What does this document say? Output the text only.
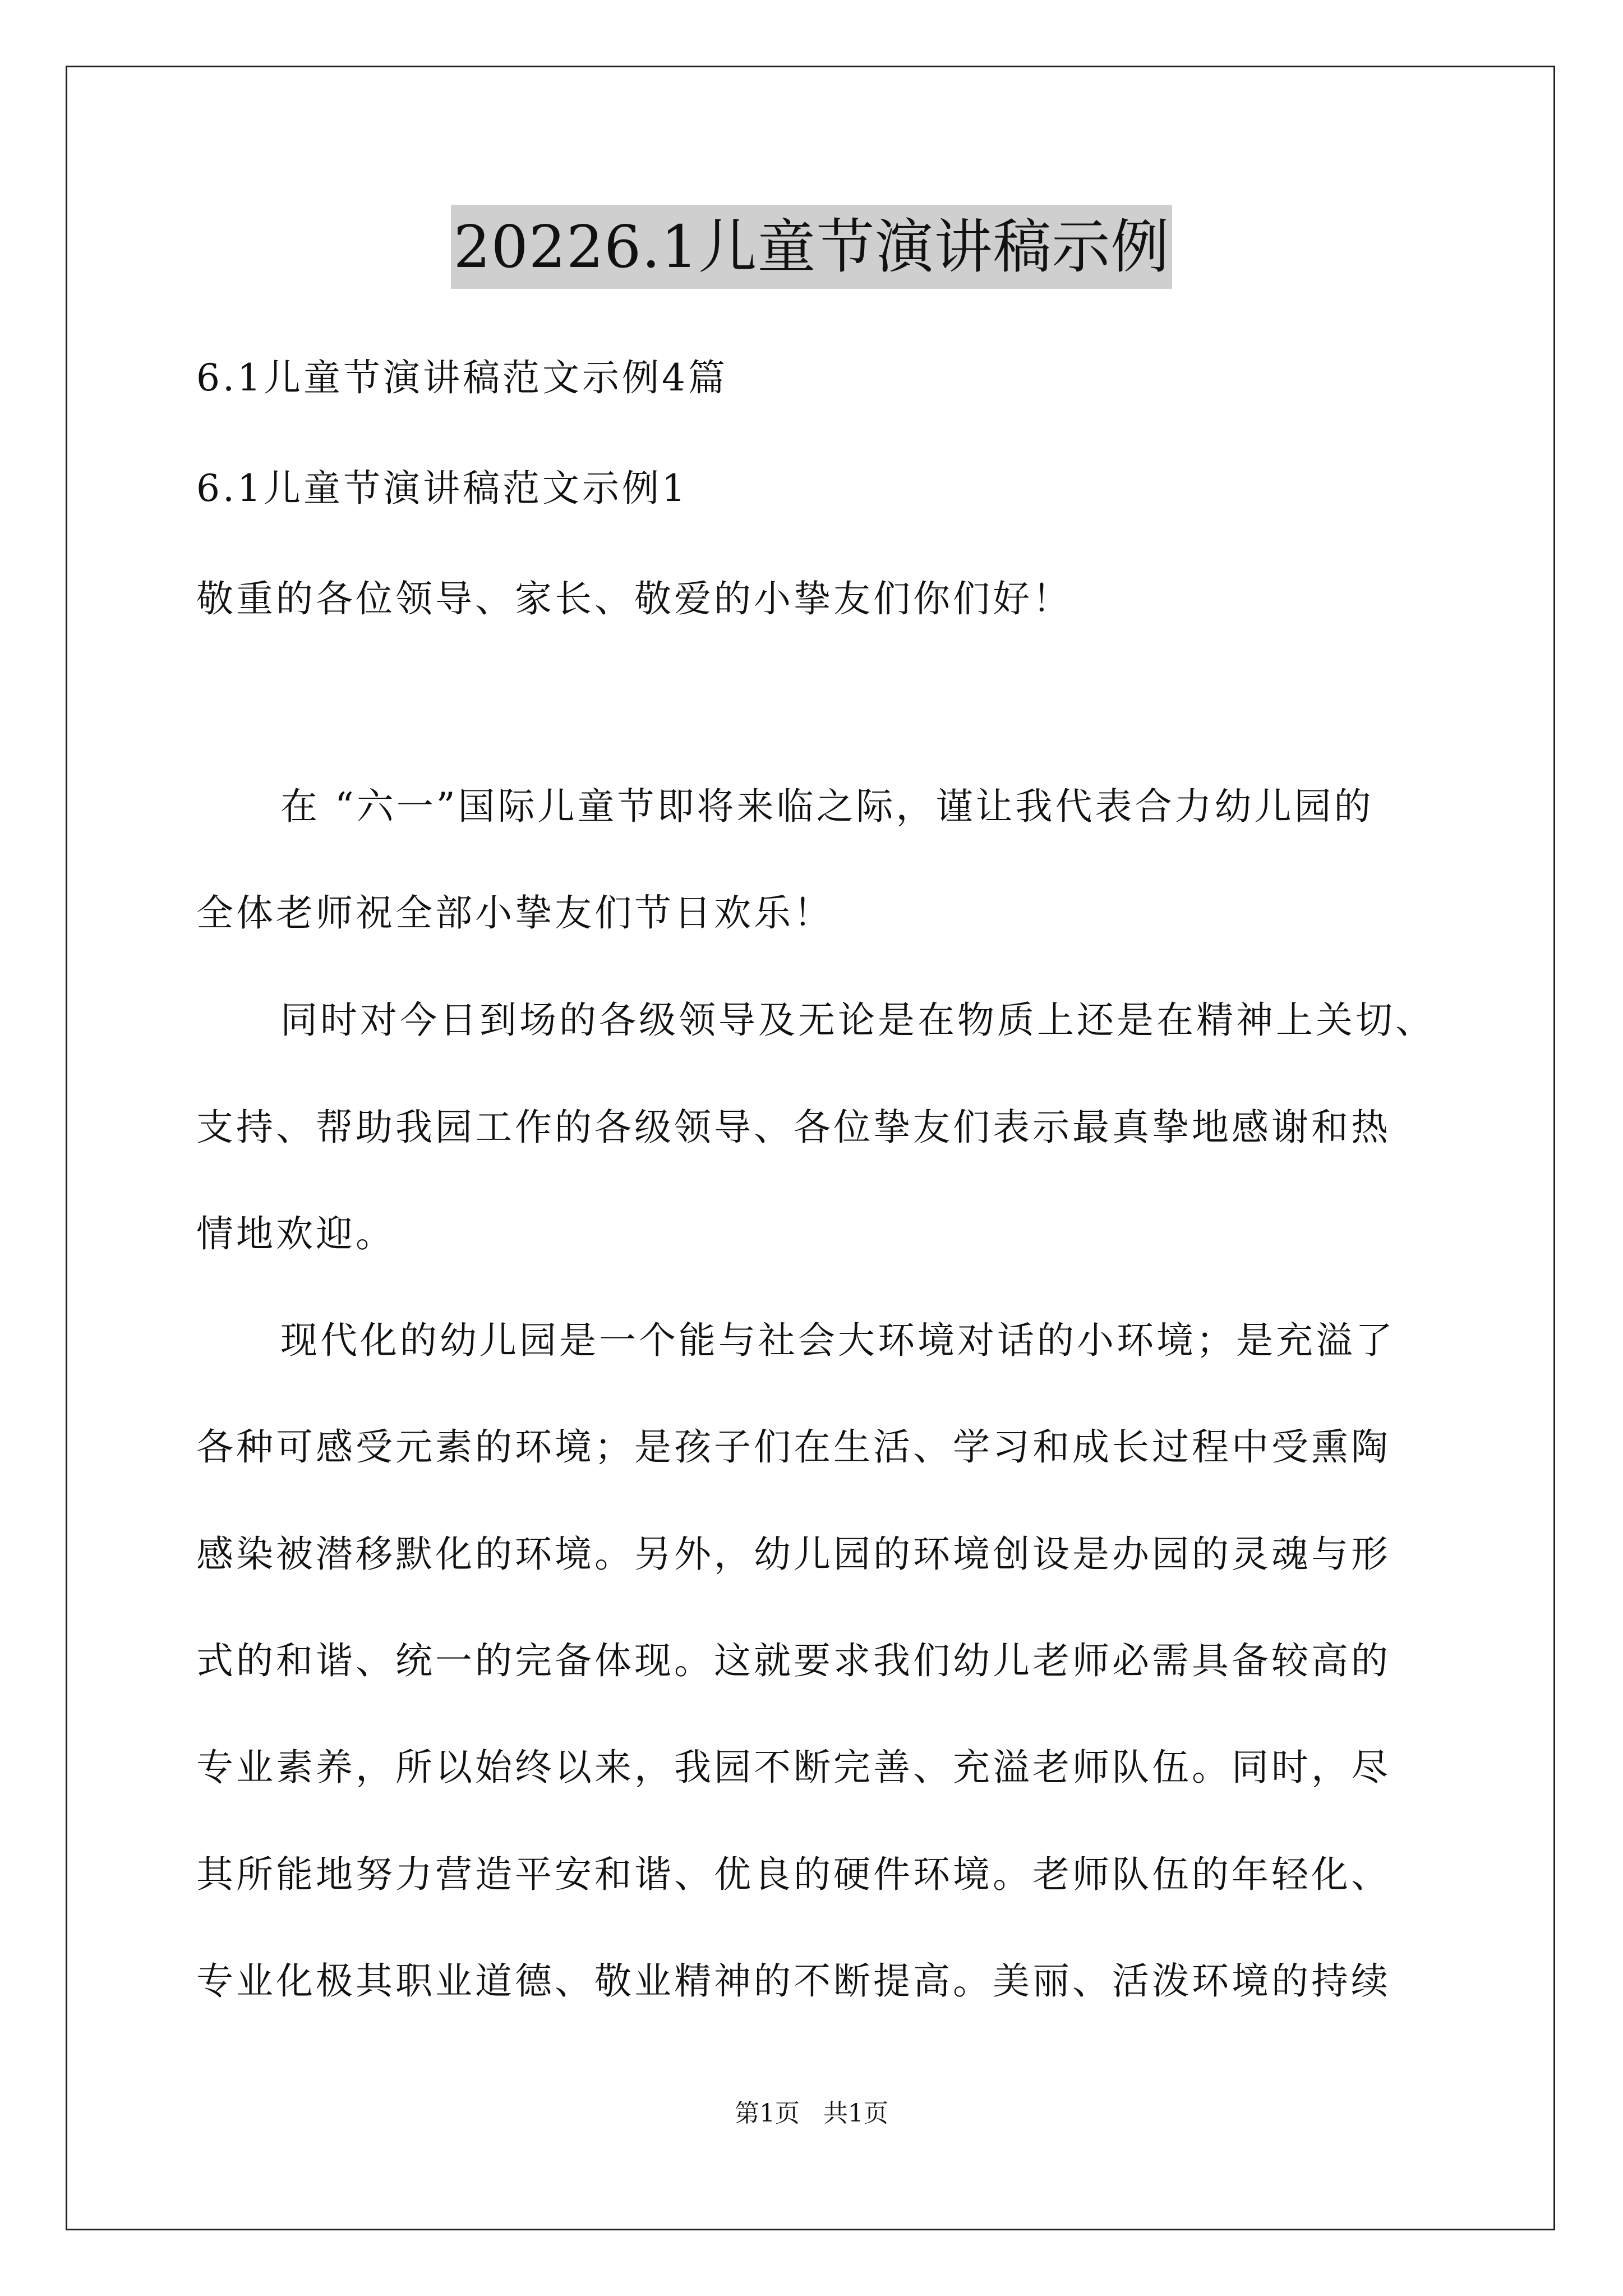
20226.1儿童节演讲稿示例
6.1儿童节演讲稿范文示例4篇
6.1儿童节演讲稿范文示例1
敬重的各位领导、家长、敬爱的小挚友们你们好！
在 “六一”国际儿童节即将来临之际，谨让我代表合力幼儿园的
全体老师祝全部小挚友们节日欢乐！
同时对今日到场的各级领导及无论是在物质上还是在精神上关切、
支持、帮助我园工作的各级领导、各位挚友们表示最真挚地感谢和热
情地欢迎。
现代化的幼儿园是一个能与社会大环境对话的小环境；是充溢了
各种可感受元素的环境；是孩子们在生活、学习和成长过程中受熏陶
感染被潜移默化的环境。另外，幼儿园的环境创设是办园的灵魂与形
式的和谐、统一的完备体现。这就要求我们幼儿老师必需具备较高的
专业素养，所以始终以来，我园不断完善、充溢老师队伍。同时，尽
其所能地努力营造平安和谐、优良的硬件环境。老师队伍的年轻化、
专业化极其职业道德、敬业精神的不断提高。美丽、活泼环境的持续
第1页   共1页
